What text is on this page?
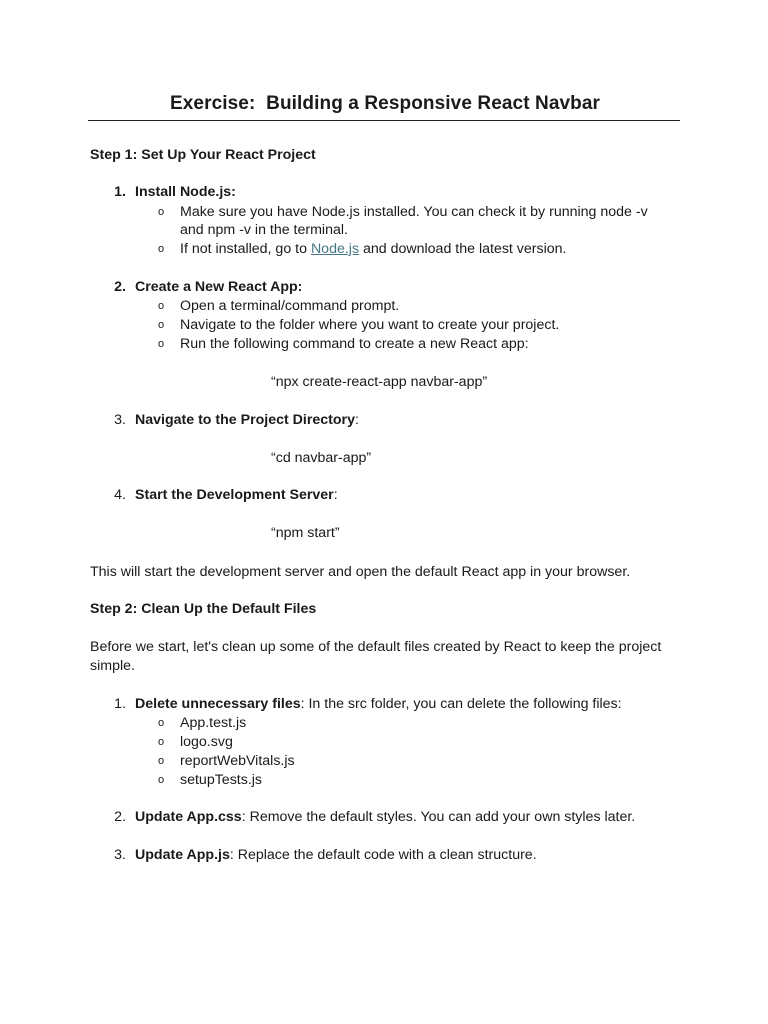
Exercise:  Building a Responsive React Navbar
Step 1: Set Up Your React Project
1. Install Node.js:
o Make sure you have Node.js installed. You can check it by running node -v
and npm -v in the terminal.
o If not installed, go to Node.js and download the latest version.
2. Create a New React App:
o Open a terminal/command prompt.
o Navigate to the folder where you want to create your project.
o Run the following command to create a new React app:
“npx create-react-app navbar-app”
3. Navigate to the Project Directory:
“cd navbar-app”
4. Start the Development Server:
“npm start”
This will start the development server and open the default React app in your browser.
Step 2: Clean Up the Default Files
Before we start, let's clean up some of the default files created by React to keep the project
simple.
1. Delete unnecessary files: In the src folder, you can delete the following files:
o App.test.js
o logo.svg
o reportWebVitals.js
o setupTests.js
2. Update App.css: Remove the default styles. You can add your own styles later.
3. Update App.js: Replace the default code with a clean structure.
